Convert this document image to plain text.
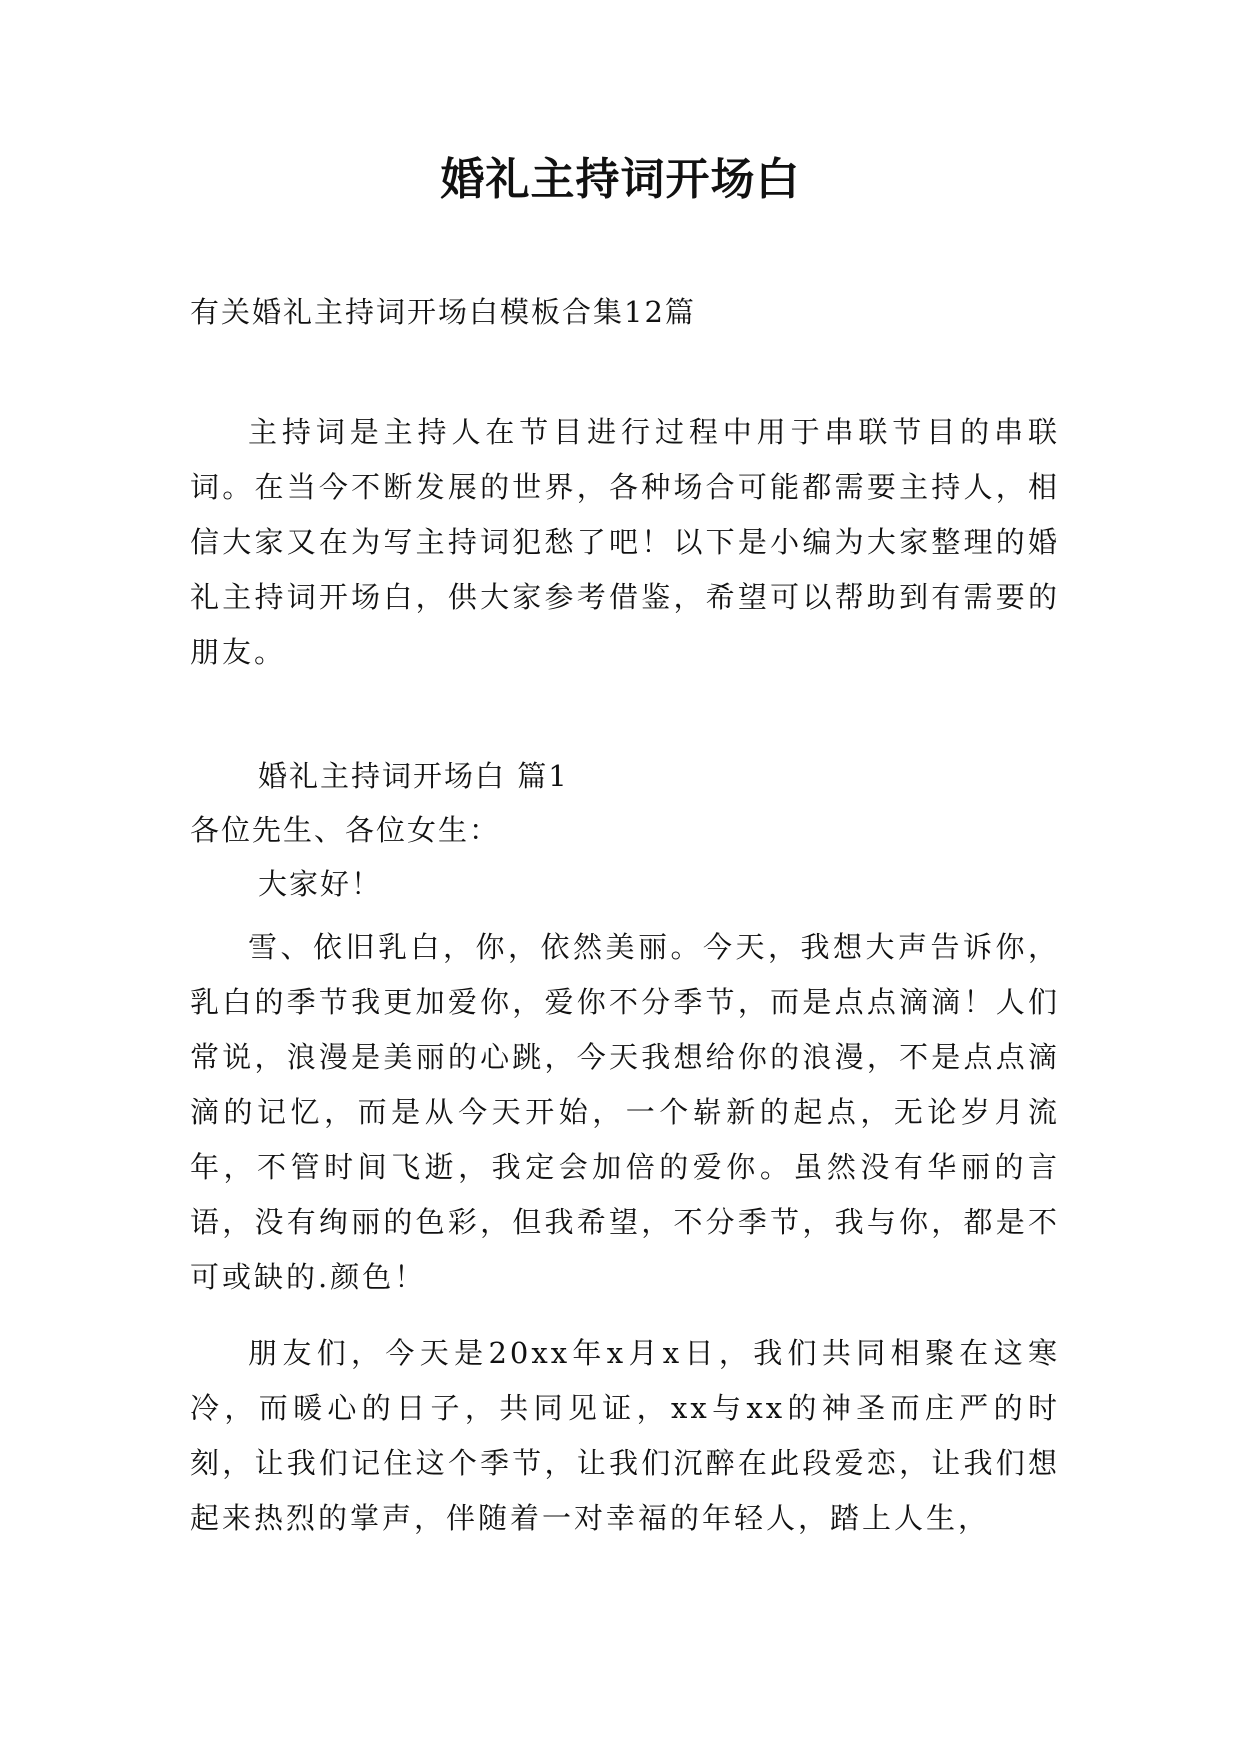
婚礼主持词开场白
有关婚礼主持词开场白模板合集12篇

主持词是主持人在节目进行过程中用于串联节目的串联词。在当今不断发展的世界，各种场合可能都需要主持人，相信大家又在为写主持词犯愁了吧！以下是小编为大家整理的婚礼主持词开场白，供大家参考借鉴，希望可以帮助到有需要的朋友。

婚礼主持词开场白 篇1
各位先生、各位女生：
大家好！

雪、依旧乳白，你，依然美丽。今天，我想大声告诉你，乳白的季节我更加爱你，爱你不分季节，而是点点滴滴！人们常说，浪漫是美丽的心跳，今天我想给你的浪漫，不是点点滴滴的记忆，而是从今天开始，一个崭新的起点，无论岁月流年，不管时间飞逝，我定会加倍的爱你。虽然没有华丽的言语，没有绚丽的色彩，但我希望，不分季节，我与你，都是不可或缺的.颜色！

朋友们，今天是20xx年x月x日，我们共同相聚在这寒冷，而暖心的日子，共同见证，xx与xx的神圣而庄严的时刻，让我们记住这个季节，让我们沉醉在此段爱恋，让我们想起来热烈的掌声，伴随着一对幸福的年轻人，踏上人生，
